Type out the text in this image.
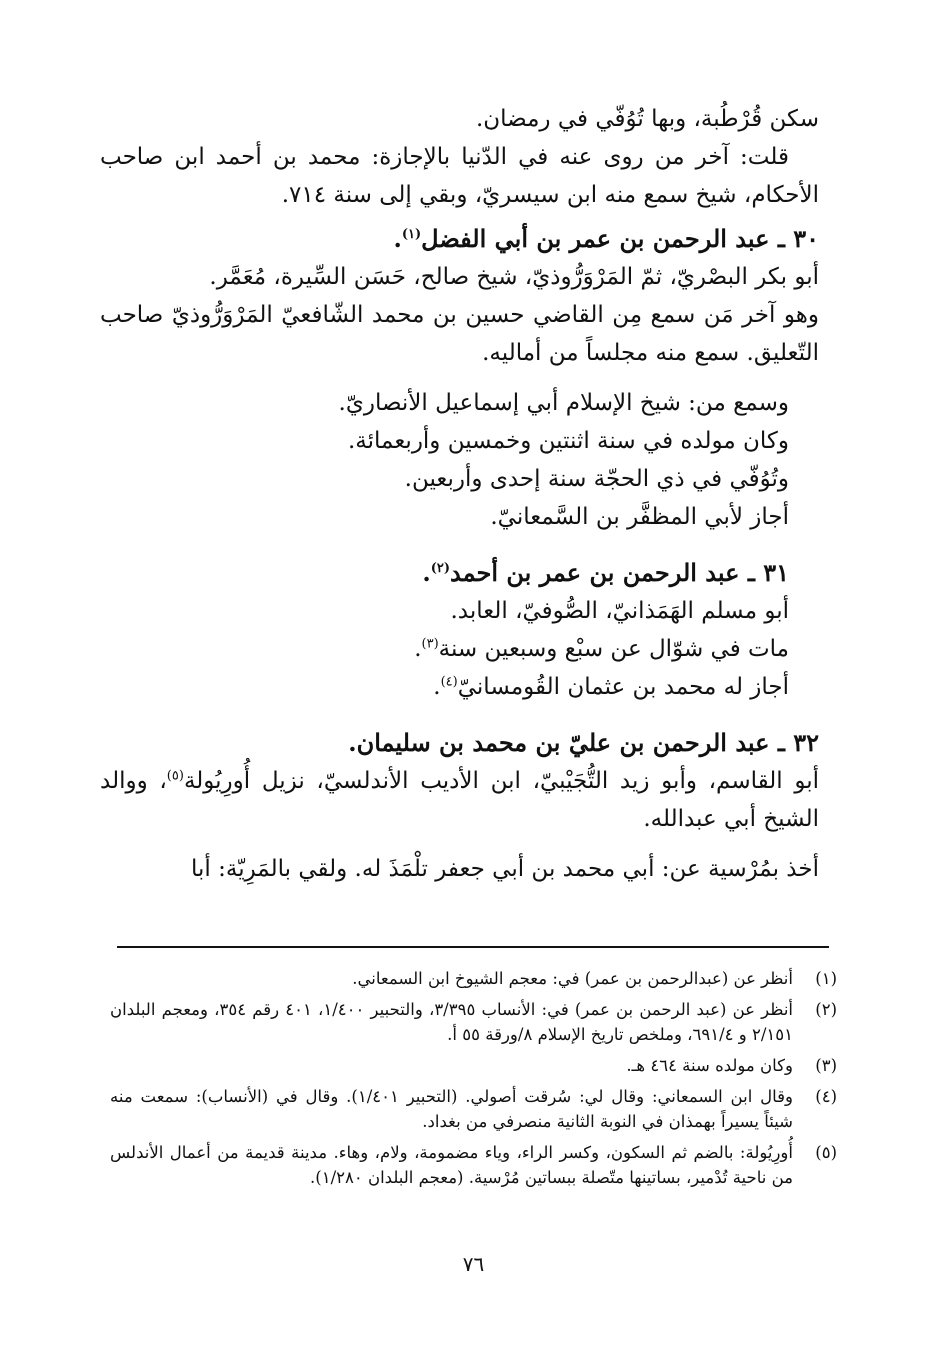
سكن قُرْطُبة، وبها تُوُفّي في رمضان.

قلت: آخر من روى عنه في الدّنيا بالإجازة: محمد بن أحمد ابن صاحب الأحكام، شيخ سمع منه ابن سيسريّ، وبقي إلى سنة ٧١٤.

٣٠ ـ عبد الرحمن بن عمر بن أبي الفضل$^{(١)}$.

أبو بكر البصْريّ، ثمّ المَرْوَرُّوذيّ، شيخ صالح، حَسَن السِّيرة، مُعَمَّر.

وهو آخر مَن سمع مِن القاضي حسين بن محمد الشّافعيّ المَرْوَرُّوذيّ صاحب التّعليق. سمع منه مجلساً من أماليه.

وسمع من: شيخ الإسلام أبي إسماعيل الأنصاريّ.

وكان مولده في سنة اثنتين وخمسين وأربعمائة.

وتُوُفّي في ذي الحجّة سنة إحدى وأربعين.

أجاز لأبي المظفَّر بن السَّمعانيّ.

٣١ ـ عبد الرحمن بن عمر بن أحمد$^{(٢)}$.

أبو مسلم الهَمَذانيّ، الصُّوفيّ، العابد.

مات في شوّال عن سبْع وسبعين سنة$^{(٣)}$.

أجاز له محمد بن عثمان القُومسانيّ$^{(٤)}$.

٣٢ ـ عبد الرحمن بن عليّ بن محمد بن سليمان.

أبو القاسم، وأبو زيد التُّجَيْبيّ، ابن الأديب الأندلسيّ، نزيل أُورِيُولة$^{(٥)}$، ووالد الشيخ أبي عبدالله.

أخذ بمُرْسية عن: أبي محمد بن أبي جعفر تلْمَذَ له. ولقي بالمَرِيّة: أبا

(١)
أنظر عن (عبدالرحمن بن عمر) في: معجم الشيوخ ابن السمعاني.
(٢)
أنظر عن (عبد الرحمن بن عمر) في: الأنساب ٣/٣٩٥، والتحبير ١/٤٠٠، ٤٠١ رقم ٣٥٤، ومعجم البلدان ٢/١٥١ و ٦٩١/٤، وملخص تاريخ الإسلام ٨/ورقة ٥٥ أ.
(٣)
وكان مولده سنة ٤٦٤ هـ.
(٤)
وقال ابن السمعاني: وقال لي: سُرقت أصولي. (التحبير ١/٤٠١). وقال في (الأنساب): سمعت منه شيئاً يسيراً بهمذان في النوبة الثانية منصرفي من بغداد.
(٥)
أُورِيُولة: بالضم ثم السكون، وكسر الراء، وياء مضمومة، ولام، وهاء. مدينة قديمة من أعمال الأندلس من ناحية تُدْمير، بساتينها متّصلة ببساتين مُرْسية. (معجم البلدان ١/٢٨٠).
٧٦
